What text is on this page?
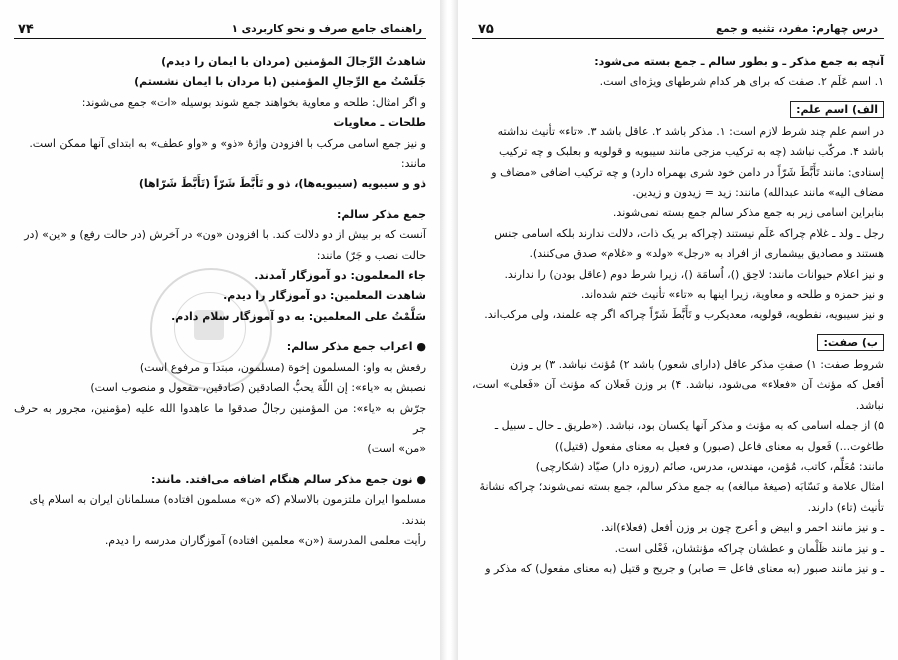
۷۴	راهنمای جامع صرف و نحو کاربردی ۱

شاهدتُ الرِّجالَ المؤمنین (مردان با ایمان را دیدم)

جَلَسْتُ مع الرِّجالِ المؤمنین (با مردان با ایمان نشستم)

و اگر امثال: طلحه و معاویة بخواهند جمع شوند بوسیله «ات» جمع می‌شوند:

طلحات ـ معاویات

و نیز جمع اسامی مرکب با افزودن واژهٔ «ذو» و «واو عطف» به ابتدای آنها ممکن است.

مانند:

ذو و سیبویه (سیبویه‌ها)، ذو و تَأَبَّطَ شَرّاً (تَأَبَّطَ شَرّاها)

جمع مذکر سالم:

آنست که بر بیش از دو دلالت کند. با افزودن «ون» در آخرش (در حالت رفع) و «ین» (در

حالت نصب و جَرّ) مانند:

جاء المعلمون: دو آموزگار آمدند.

شاهدت المعلمین: دو آموزگار را دیدم.

سَلَّمْتُ علی المعلمین: به دو آموزگار سلام دادم.

● اعراب جمع مذکر سالم:

رفعش به واو: المسلمون إخوة (مسلمون، مبتدا و مرفوع است)

نصبش به «یاء»: إن اللّهَ یحبُّ الصادقین (صادقین، مفعول و منصوب است)

جرّش به «یاء»: من المؤمنین رجالٌ صدقوا ما عاهدوا الله علیه (مؤمنین، مجرور به حرف جر

«من» است)

● نون جمع مذکر سالم هنگام اضافه می‌افتد. مانند:

مسلموا ایران ملتزمون بالاسلام (که «ن» مسلمون افتاده) مسلمانان ایران به اسلام پای

بندند.

رأیت معلمی المدرسة («ن» معلمین افتاده) آموزگاران مدرسه را دیدم.

۷۵	درس چهارم: مفرد، تثنیه و جمع

آنچه به جمع مذکر ـ و بطور سالم ـ جمع بسته می‌شود:

۱. اسم عَلَم ۲. صفت که برای هر کدام شرطهای ویژه‌ای است.

الف) اسم علم:

در اسم علم چند شرط لازم است: ۱. مذکر باشد ۲. عاقل باشد ۳. «تاء» تأنیث نداشته

باشد ۴. مرکّب نباشد (چه به ترکیب مزجی مانند سیبویه و قولویه و بعلبک و چه ترکیب

إسنادی: مانند تَأَبَّطَ شَرّاً در دامن خود شری بهمراه دارد) و چه ترکیب اضافی «مضاف و

مضاف الیه» مانند عبدالله) مانند: زید = زیدون و زیدین.

بنابراین اسامی زیر به جمع مذکر سالم جمع بسته نمی‌شوند.

رجل ـ ولد ـ غلام چراکه عَلَم نیستند (چراکه بر یک ذات، دلالت ندارند بلکه اسامی جنس

هستند و مصادیق بیشماری از افراد به «رجل» «ولد» و «غلام» صدق می‌کنند).

و نیز اعلام حیوانات مانند: لاحِق ()، اُسامَة ()، زیرا شرط دوم (عاقل بودن) را ندارند.

و نیز حمزه و طلحه و معاویة، زیرا اینها به «تاء» تأنیث ختم شده‌اند.

و نیز سیبویه، نفطویه، قولویه، معدیکرب و تَأَبَّطَ شَرّاً چراکه اگر چه علمند، ولی مرکب‌اند.

ب) صفت:

شروط صفت: ۱) صفتِ مذکر عاقل (دارای شعور) باشد ۲) مُؤنث نباشد. ۳) بر وزن

أفعل که مؤنث آن «فعلاء» می‌شود، نباشد. ۴) بر وزن فَعلان که مؤنث آن «فَعلی» است، نباشد.

۵) از جمله اسامی که به مؤنث و مذکر آنها یکسان بود، نباشد. («طریق ـ حال ـ سبیل ـ

طاغوت...) فَعول به معنای فاعل (صبور) و فعیل به معنای مفعول (قتیل))

مانند: مُعَلِّم، کاتب، مُؤمن، مهندس، مدرس، صائم (روزه دار) صیّاد (شکارچی)

امثال علامة و نَسّابَه (صیغهٔ مبالغه) به جمع مذکر سالم، جمع بسته نمی‌شوند؛ چراکه نشانهٔ

تأنیث (تاء) دارند.

ـ و نیز مانند احمر و ابیض و أعرج چون بر وزن أفعل (فعلاء)اند.

ـ و نیز مانند ظَلْمان و عطشان چراکه مؤنثشان، فَعْلی است.

ـ و نیز مانند صبور (به معنای فاعل = صابر) و جریح و قتیل (به معنای مفعول) که مذکر و
